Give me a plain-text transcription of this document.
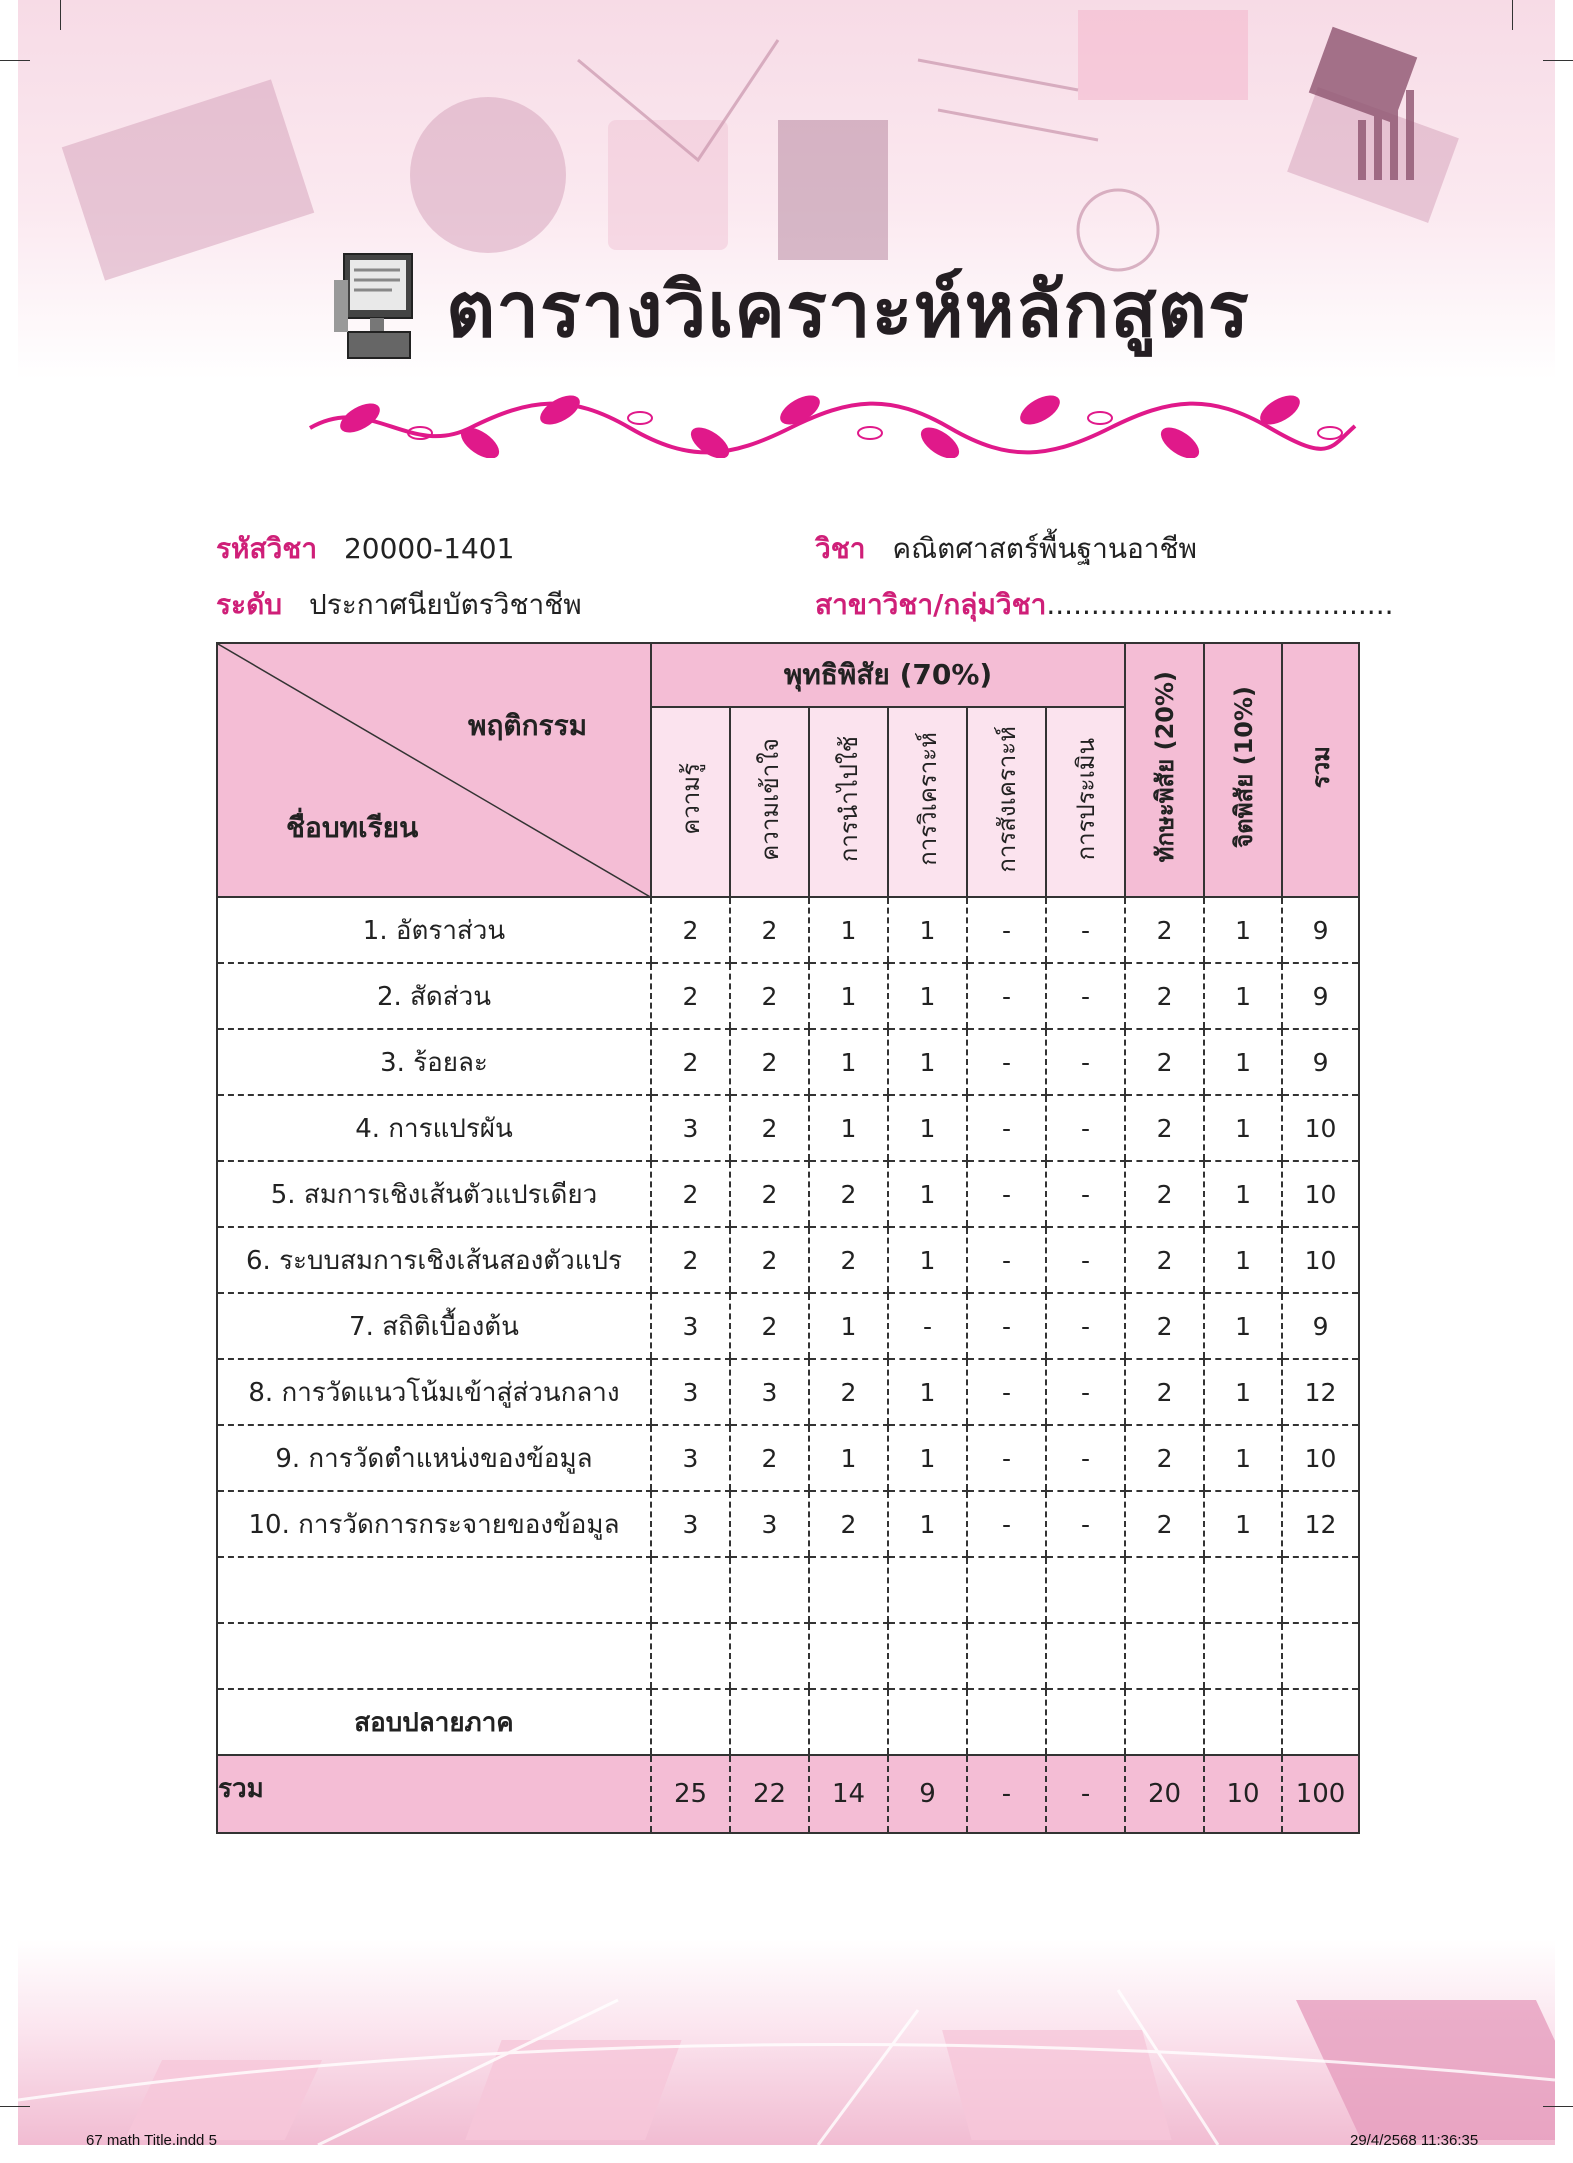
ตารางวิเคราะห์หลักสูตร
รหัสวิชา 20000-1401	วิชา คณิตศาสตร์พื้นฐานอาชีพ
ระดับ ประกาศนียบัตรวิชาชีพ	สาขาวิชา/กลุ่มวิชา.......................................
พฤติกรรม
ชื่อบทเรียน	พุทธิพิสัย (70%)						ทักษะพิสัย (20%)	จิตพิสัย (10%)	รวม
	ความรู้	ความเข้าใจ	การนำไปใช้	การวิเคราะห์	การสังเคราะห์	การประเมิน			
1. อัตราส่วน	2	2	1	1	-	-	2	1	9
2. สัดส่วน	2	2	1	1	-	-	2	1	9
3. ร้อยละ	2	2	1	1	-	-	2	1	9
4. การแปรผัน	3	2	1	1	-	-	2	1	10
5. สมการเชิงเส้นตัวแปรเดียว	2	2	2	1	-	-	2	1	10
6. ระบบสมการเชิงเส้นสองตัวแปร	2	2	2	1	-	-	2	1	10
7. สถิติเบื้องต้น	3	2	1	-	-	-	2	1	9
8. การวัดแนวโน้มเข้าสู่ส่วนกลาง	3	3	2	1	-	-	2	1	12
9. การวัดตำแหน่งของข้อมูล	3	2	1	1	-	-	2	1	10
10. การวัดการกระจายของข้อมูล	3	3	2	1	-	-	2	1	12

สอบปลายภาค									
รวม	25	22	14	9	-	-	20	10	100
67 math Title.indd 5	29/4/2568 11:36:35
